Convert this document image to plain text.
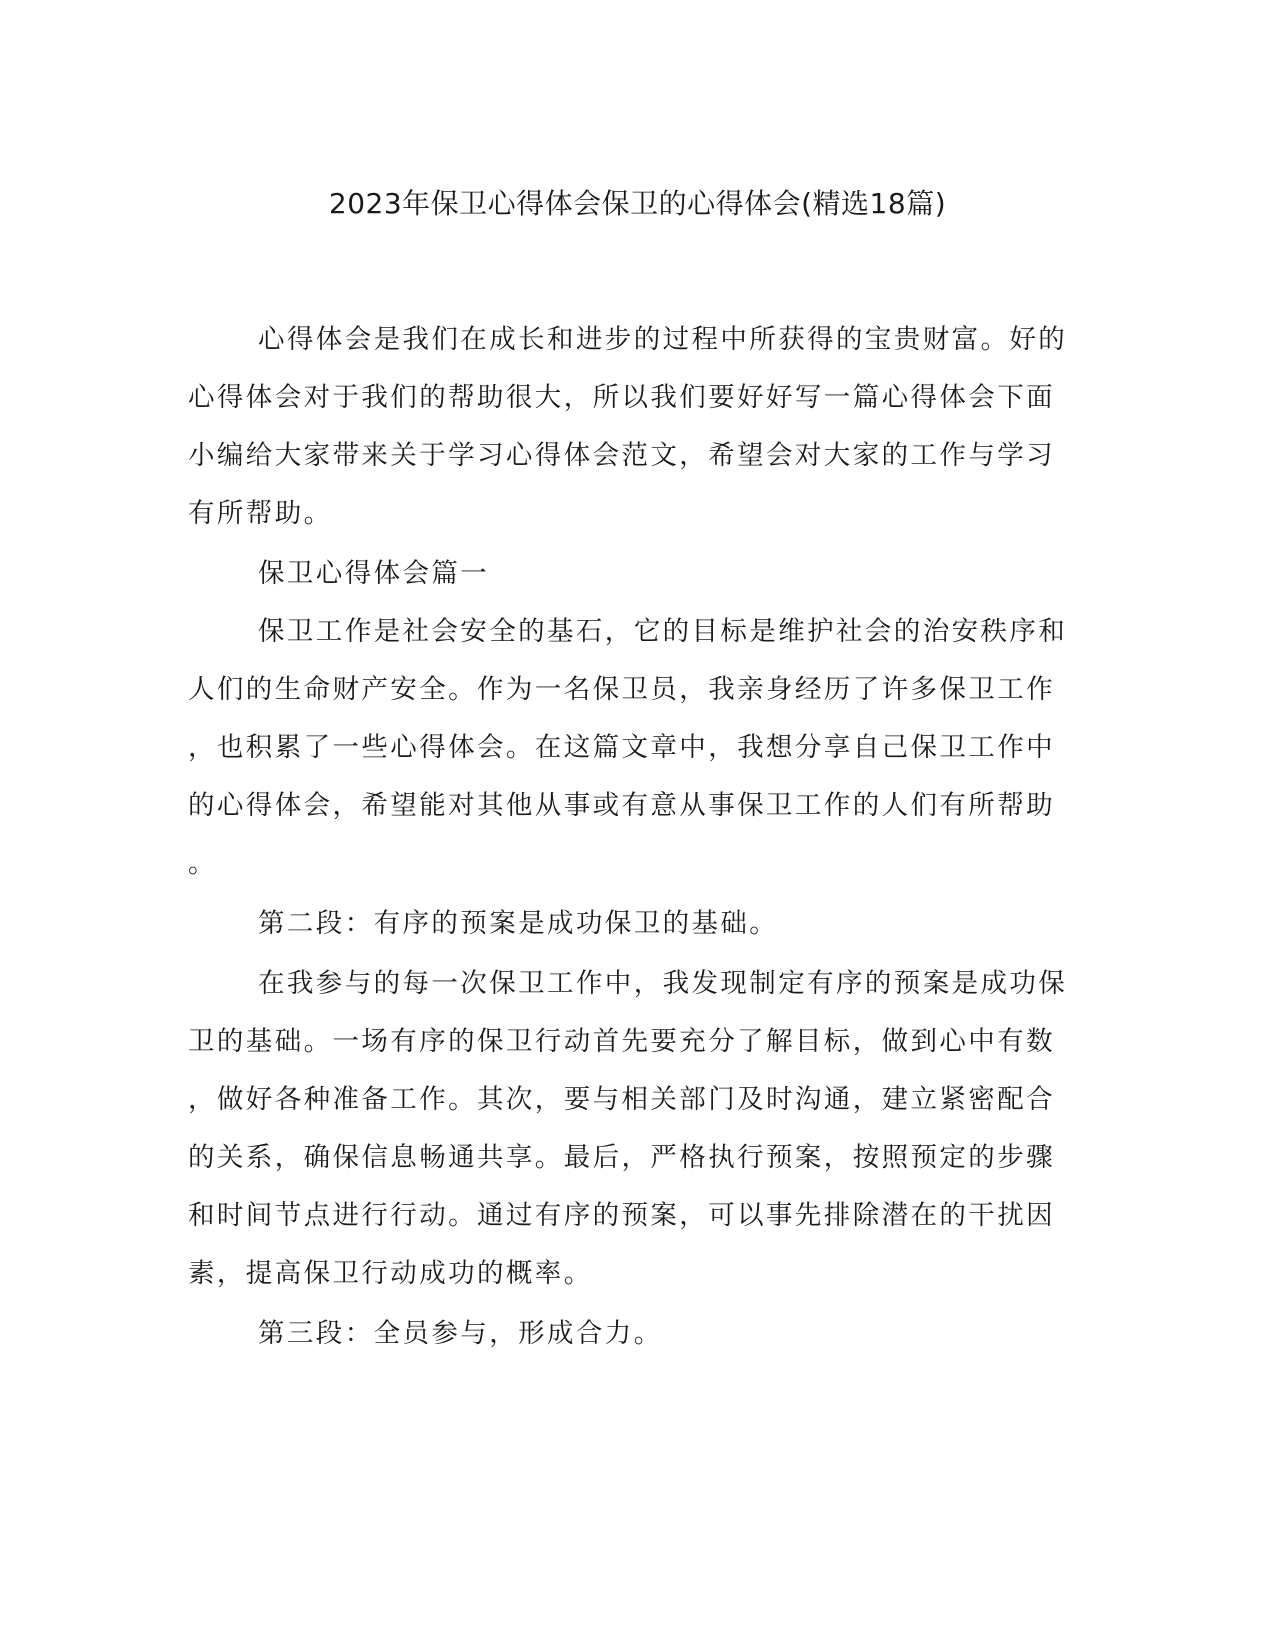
2023年保卫心得体会保卫的心得体会(精选18篇)
心得体会是我们在成长和进步的过程中所获得的宝贵财富。好的
心得体会对于我们的帮助很大，所以我们要好好写一篇心得体会下面
小编给大家带来关于学习心得体会范文，希望会对大家的工作与学习
有所帮助。
保卫心得体会篇一
保卫工作是社会安全的基石，它的目标是维护社会的治安秩序和
人们的生命财产安全。作为一名保卫员，我亲身经历了许多保卫工作
，也积累了一些心得体会。在这篇文章中，我想分享自己保卫工作中
的心得体会，希望能对其他从事或有意从事保卫工作的人们有所帮助
。
第二段：有序的预案是成功保卫的基础。
在我参与的每一次保卫工作中，我发现制定有序的预案是成功保
卫的基础。一场有序的保卫行动首先要充分了解目标，做到心中有数
，做好各种准备工作。其次，要与相关部门及时沟通，建立紧密配合
的关系，确保信息畅通共享。最后，严格执行预案，按照预定的步骤
和时间节点进行行动。通过有序的预案，可以事先排除潜在的干扰因
素，提高保卫行动成功的概率。
第三段：全员参与，形成合力。
